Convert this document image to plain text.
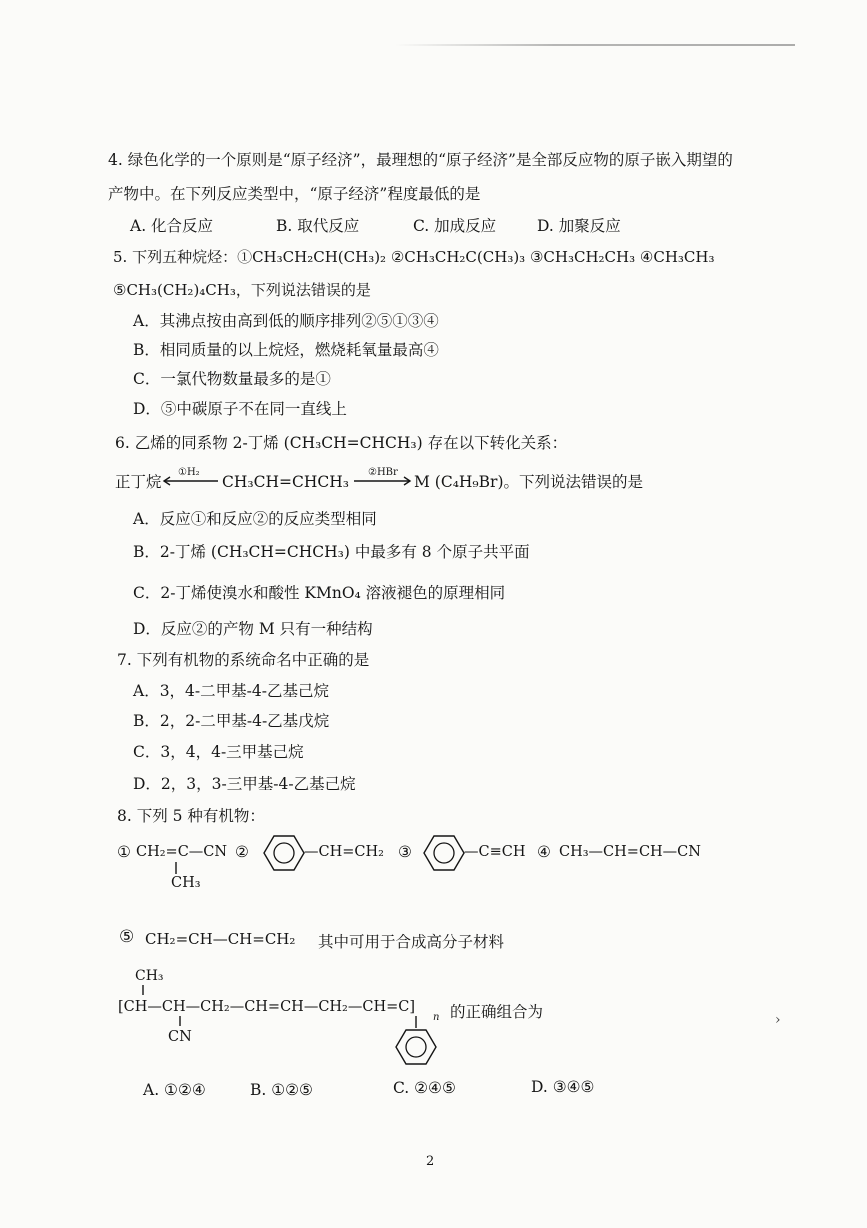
4. 绿色化学的一个原则是“原子经济”，最理想的“原子经济”是全部反应物的原子嵌入期望的
产物中。在下列反应类型中，“原子经济”程度最低的是
A. 化合反应	B. 取代反应	C. 加成反应	D. 加聚反应
5. 下列五种烷烃：①CH₃CH₂CH(CH₃)₂ ②CH₃CH₂C(CH₃)₃ ③CH₃CH₂CH₃ ④CH₃CH₃
⑤CH₃(CH₂)₄CH₃，下列说法错误的是
A．其沸点按由高到低的顺序排列②⑤①③④
B．相同质量的以上烷烃，燃烧耗氧量最高④
C．一氯代物数量最多的是①
D．⑤中碳原子不在同一直线上
6. 乙烯的同系物 2-丁烯 (CH₃CH=CHCH₃) 存在以下转化关系：
正丁烷
①H₂
CH₃CH=CHCH₃
②HBr
M (C₄H₉Br)。下列说法错误的是
A．反应①和反应②的反应类型相同
B．2-丁烯 (CH₃CH=CHCH₃) 中最多有 8 个原子共平面
C．2-丁烯使溴水和酸性 KMnO₄ 溶液褪色的原理相同
D．反应②的产物 M 只有一种结构
7. 下列有机物的系统命名中正确的是
A．3，4-二甲基-4-乙基己烷
B．2，2-二甲基-4-乙基戊烷
C．3，4，4-三甲基己烷
D．2，3，3-三甲基-4-乙基己烷
8. 下列 5 种有机物：
① CH₂=C—CN
CH₃
②	—CH=CH₂ ③	—C≡CH ④ CH₃—CH=CH—CN
⑤ CH₂=CH—CH=CH₂ 其中可用于合成高分子材料
CH₃
[CH—CH—CH₂—CH=CH—CH₂—CH=C]
n
CN
的正确组合为
A. ①②④	B. ①②⑤	C. ②④⑤	D. ③④⑤
›
2
